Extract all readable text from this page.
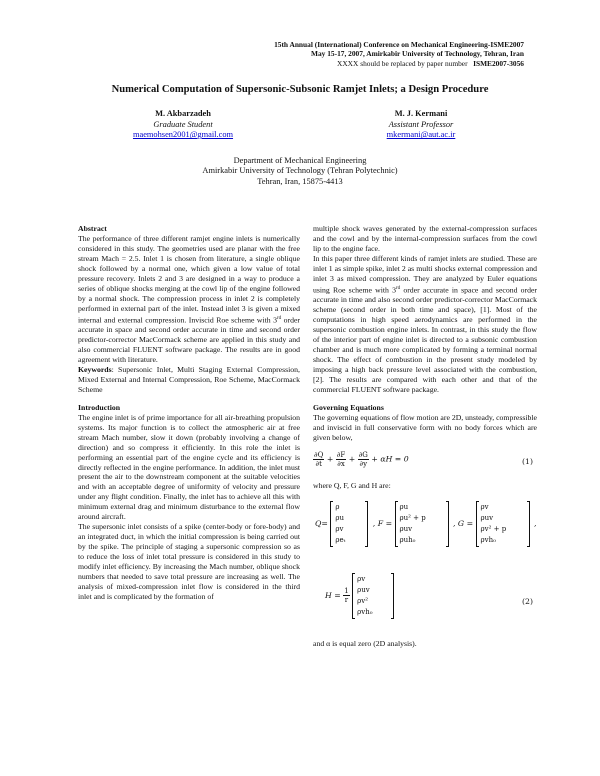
15th Annual (International) Conference on Mechanical Engineering-ISME2007
May 15-17, 2007, Amirkabir University of Technology, Tehran, Iran
XXXX should be replaced by paper number ISME2007-3056
Numerical Computation of Supersonic-Subsonic Ramjet Inlets; a Design Procedure
M. Akbarzadeh
Graduate Student
maemohsen2001@gmail.com
M. J. Kermani
Assistant Professor
mkermani@aut.ac.ir
Department of Mechanical Engineering
Amirkabir University of Technology (Tehran Polytechnic)
Tehran, Iran, 15875-4413
Abstract

The performance of three different ramjet engine inlets is numerically considered in this study. The geometries used are planar with the free stream Mach = 2.5. Inlet 1 is chosen from literature, a single oblique shock followed by a normal one, which given a low value of total pressure recovery. Inlets 2 and 3 are designed in a way to produce a series of oblique shocks merging at the cowl lip of the engine followed by a normal shock. The compression process in inlet 2 is completely performed in external part of the inlet. Instead inlet 3 is given a mixed internal and external compression. Inviscid Roe scheme with 3rd order accurate in space and second order accurate in time and second order predictor-corrector MacCormack scheme are applied in this study and also commercial FLUENT software package. The results are in good agreement with literature.

Keywords: Supersonic Inlet, Multi Staging External Compression, Mixed External and Internal Compression, Roe Scheme, MacCormack Scheme

Introduction

The engine inlet is of prime importance for all air-breathing propulsion systems. Its major function is to collect the atmospheric air at free stream Mach number, slow it down (probably involving a change of direction) and so compress it efficiently. In this role the inlet is performing an essential part of the engine cycle and its efficiency is directly reflected in the engine performance. In addition, the inlet must present the air to the downstream component at the suitable velocities and with an acceptable degree of uniformity of velocity and pressure under any flight condition. Finally, the inlet has to achieve all this with minimum external drag and minimum disturbance to the external flow around aircraft.

The supersonic inlet consists of a spike (center-body or fore-body) and an integrated duct, in which the initial compression is being carried out by the spike. The principle of staging a supersonic compression so as to reduce the loss of inlet total pressure is considered in this study to modify inlet efficiency. By increasing the Mach number, oblique shock numbers that needed to save total pressure are increasing as well. The analysis of mixed-compression inlet flow is considered in the third inlet and is complicated by the formation of

multiple shock waves generated by the external-compression surfaces and the cowl and by the internal-compression surfaces from the cowl lip to the engine face.

In this paper three different kinds of ramjet inlets are studied. These are inlet 1 as simple spike, inlet 2 as multi shocks external compression and inlet 3 as mixed compression. They are analyzed by Euler equations using Roe scheme with 3rd order accurate in space and second order accurate in time and also second order predictor-corrector MacCormack scheme (second order in both time and space), [1]. Most of the computations in high speed aerodynamics are performed in the supersonic combustion engine inlets. In contrast, in this study the flow of the interior part of engine inlet is directed to a subsonic combustion chamber and is much more complicated by forming a terminal normal shock. The effect of combustion in the present study modeled by imposing a high back pressure level associated with the combustion, [2]. The results are compared with each other and that of the commercial FLUENT software package.

Governing Equations

The governing equations of flow motion are 2D, unsteady, compressible and inviscid in full conservative form with no body forces which are given below,

$\frac{\partial Q}{\partial t} + \frac{\partial F}{\partial x} + \frac{\partial G}{\partial y} + \alpha H = 0$	(1)

where Q, F, G and H are:

Q=
ρ
ρu
ρv
ρeₜ
, F =
ρu
ρu² + p
ρuv
ρuh₀
, G =
ρv
ρuv
ρv² + p
ρvh₀
,
$H = \frac{1}{r}$

ρv
ρuv
ρv²
ρvh₀
(2)

and α is equal zero (2D analysis).
